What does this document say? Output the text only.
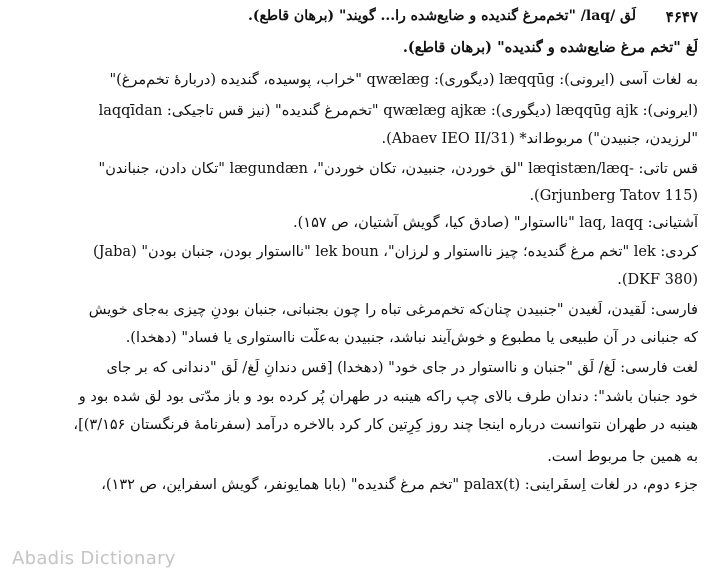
۴۶۴۷
لَق /laq/ "تخم‌مرغ گندیده و ضایع‌شده را... گویند" (برهان قاطع).
لَغ "تخم مرغ ضایع‌شده و گندیده" (برهان قاطع).
به لغات آسی (ایرونی): læqqūg (دیگوری): qwælæg "خراب، پوسیده، گندیده (دربارهٔ تخم‌مرغ)"
(ایرونی): læqqūg ajk (دیگوری): qwælæg ajkæ "تخم‌مرغ گندیده" (نیز قس تاجیکی: laqqīdan
"لرزیدن، جنبیدن") مربوط‌اند* (Abaev IEO II/31).
قس تاتی: -læqistæn/læq "لق خوردن، جنبیدن، تکان خوردن"، lægundæn "تکان دادن، جنباندن"
(Grjunberg Tatov 115).
آشتیانی: laq, laqq "نااستوار" (صادق کیا، گویش آشتیان، ص ۱۵۷).
کردی: lek "تخم مرغ گندیده؛ چیز نااستوار و لرزان"، lek boun "نااستوار بودن، جنبان بودن" (Jaba)
(DKF 380).
فارسی: لَقیدن، لَغیدن "جنبیدن چنان‌که تخم‌مرغی تباه را چون بجنبانی، جنبان بودنِ چیزی به‌جای خویش
که جنبانی در آن طبیعی یا مطبوع و خوش‌آیند نباشد، جنبیدن به‌علّت نااستواری یا فساد" (دهخدا).
لغت فارسی: لَغ/ لَق "جنبان و نااستوار در جای خود" (دهخدا) [قس دندانِ لَغ/ لَق "دندانی که بر جای
خود جنبان باشد": دندان طرف بالای چپ راکه هینبه در طهران پُر کرده بود و باز مدّتی بود لق شده بود و
هینبه در طهران نتوانست درباره اینجا چند روز کِرِتین کار کرد بالاخره درآمد (سفرنامهٔ فرنگستان ۳/۱۵۶)]،
به همین جا مربوط است.
جزء دوم، در لغات اِسفَراینی: palax(t) "تخم مرغ گندیده" (بابا همایونفر، گویش اسفراین، ص ۱۳۲)،
Abadis Dictionary
